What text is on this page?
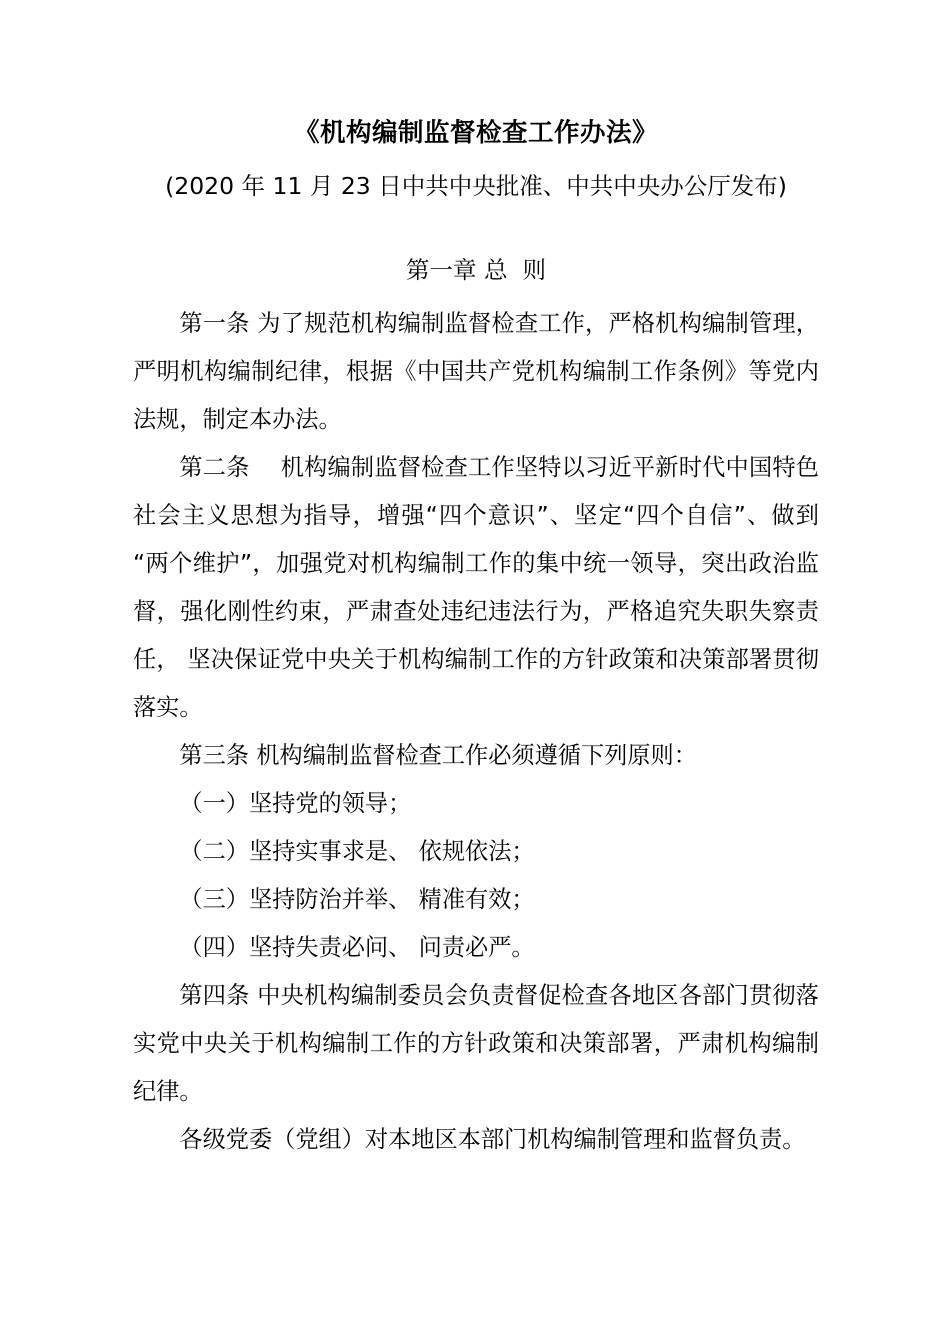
《机构编制监督检查工作办法》

(2020 年 11 月 23 日中共中央批准、中共中央办公厅发布)

第一章 总  则

第一条 为了规范机构编制监督检查工作，严格机构编制管理，严明机构编制纪律，根据《中国共产党机构编制工作条例》等党内法规，制定本办法。

第二条　 机构编制监督检查工作坚特以习近平新时代中国特色社会主义思想为指导，增强“四个意识”、坚定“四个自信”、做到 “两个维护”，加强党对机构编制工作的集中统一领导，突出政治监督，强化刚性约束，严肃查处违纪违法行为，严格追究失职失察责任， 坚决保证党中央关于机构编制工作的方针政策和决策部署贯彻落实。

第三条 机构编制监督检查工作必须遵循下列原则：

（一）坚持党的领导；

（二）坚持实事求是、 依规依法；

（三）坚持防治并举、 精准有效；

（四）坚持失责必问、 问责必严。

第四条 中央机构编制委员会负责督促检查各地区各部门贯彻落实党中央关于机构编制工作的方针政策和决策部署，严肃机构编制纪律。

各级党委（党组）对本地区本部门机构编制管理和监督负责。
